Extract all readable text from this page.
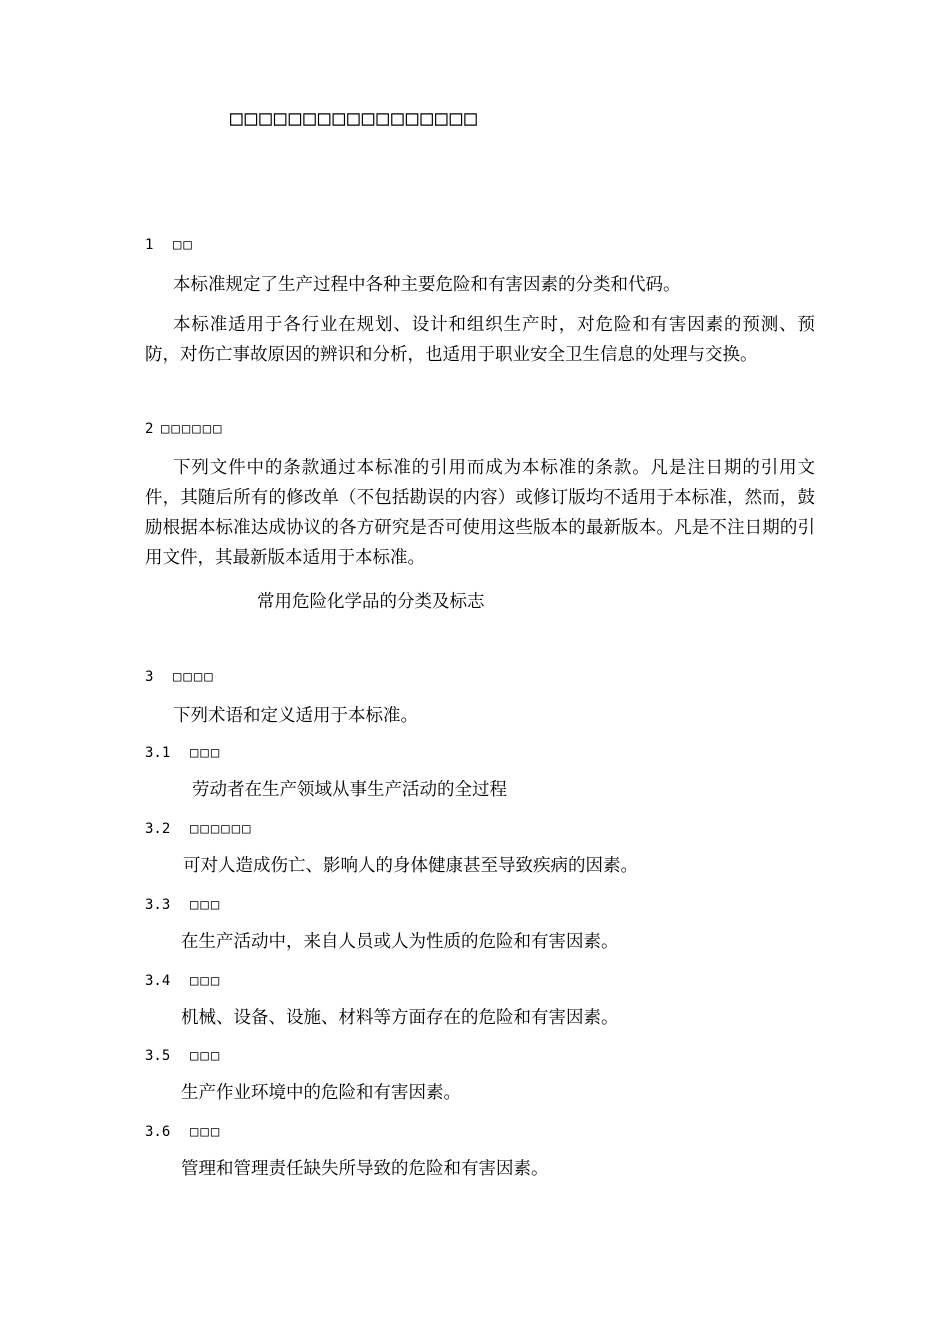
□□□□□□□□□□□□□□□□□
1 □□

本标准规定了生产过程中各种主要危险和有害因素的分类和代码。

本标准适用于各行业在规划、设计和组织生产时，对危险和有害因素的预测、预防，对伤亡事故原因的辨识和分析，也适用于职业安全卫生信息的处理与交换。

2 □□□□□□

下列文件中的条款通过本标准的引用而成为本标准的条款。凡是注日期的引用文件，其随后所有的修改单（不包括勘误的内容）或修订版均不适用于本标准，然而，鼓励根据本标准达成协议的各方研究是否可使用这些版本的最新版本。凡是不注日期的引用文件，其最新版本适用于本标准。

常用危险化学品的分类及标志
3 □□□□
下列术语和定义适用于本标准。
3.1 □□□
劳动者在生产领域从事生产活动的全过程
3.2 □□□□□□
可对人造成伤亡、影响人的身体健康甚至导致疾病的因素。
3.3 □□□
在生产活动中，来自人员或人为性质的危险和有害因素。
3.4 □□□
机械、设备、设施、材料等方面存在的危险和有害因素。
3.5 □□□
生产作业环境中的危险和有害因素。
3.6 □□□
管理和管理责任缺失所导致的危险和有害因素。
